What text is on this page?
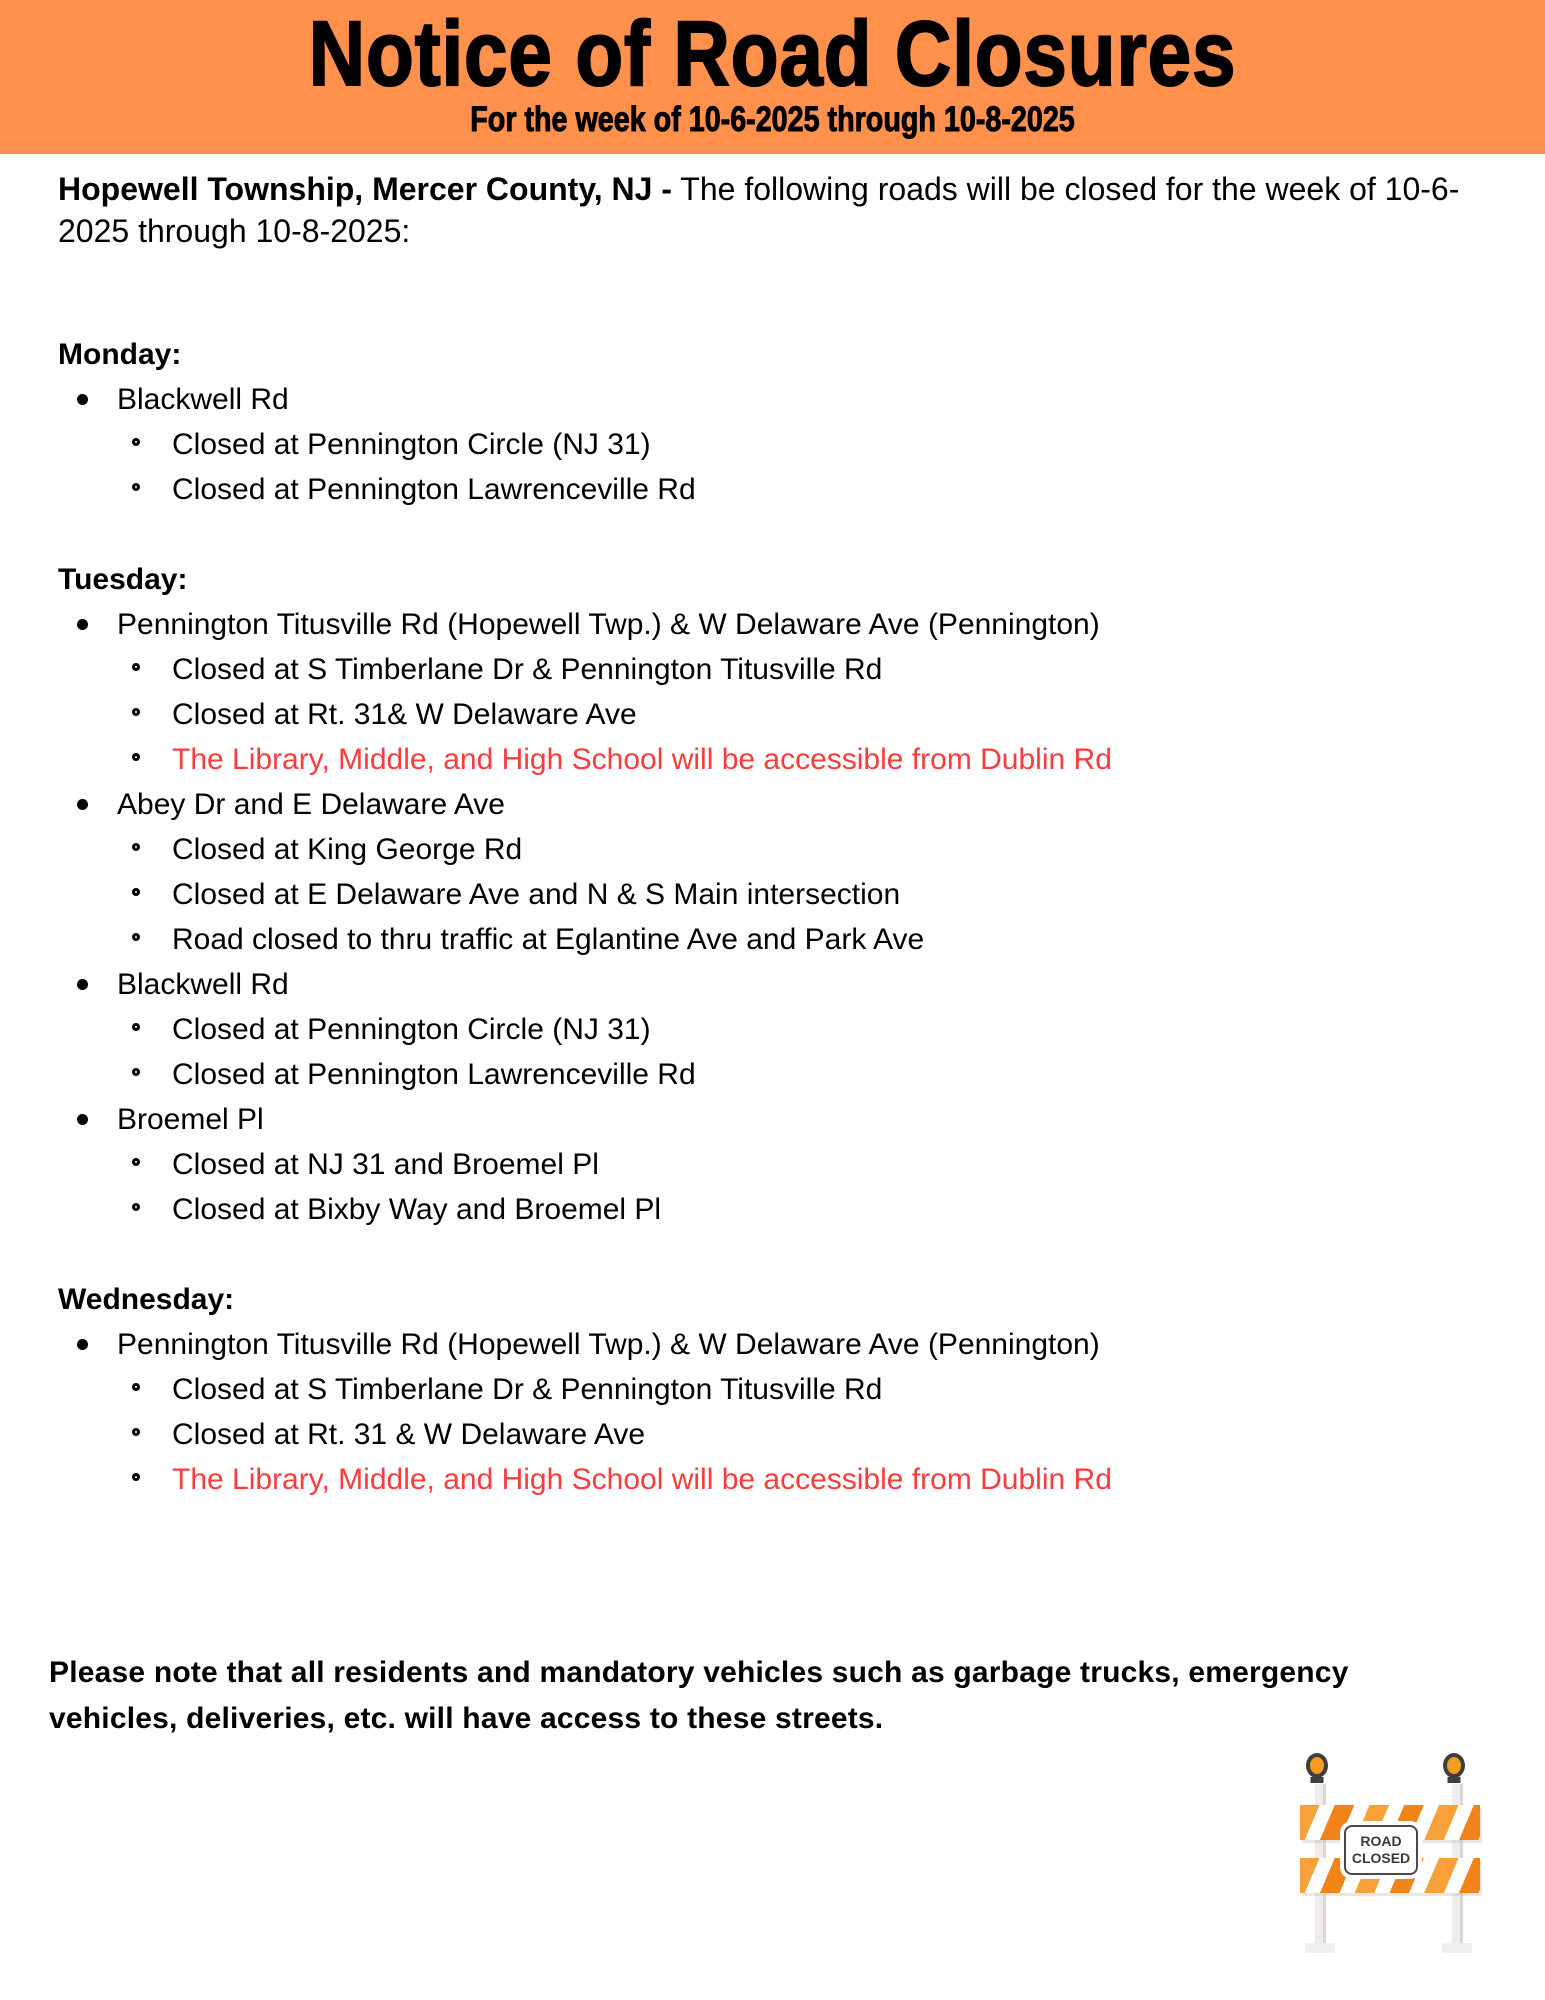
Notice of Road Closures
For the week of 10-6-2025 through 10-8-2025

Hopewell Township, Mercer County, NJ - The following roads will be closed for the week of 10-6-2025 through 10-8-2025:

Monday:
Blackwell Rd
Closed at Pennington Circle (NJ 31)
Closed at Pennington Lawrenceville Rd
Tuesday:
Pennington Titusville Rd (Hopewell Twp.) & W Delaware Ave (Pennington)
Closed at S Timberlane Dr & Pennington Titusville Rd
Closed at Rt. 31& W Delaware Ave
The Library, Middle, and High School will be accessible from Dublin Rd
Abey Dr and E Delaware Ave
Closed at King George Rd
Closed at E Delaware Ave and N & S Main intersection
Road closed to thru traffic at Eglantine Ave and Park Ave
Blackwell Rd
Closed at Pennington Circle (NJ 31)
Closed at Pennington Lawrenceville Rd
Broemel Pl
Closed at NJ 31 and Broemel Pl
Closed at Bixby Way and Broemel Pl
Wednesday:
Pennington Titusville Rd (Hopewell Twp.) & W Delaware Ave (Pennington)
Closed at S Timberlane Dr & Pennington Titusville Rd
Closed at Rt. 31 & W Delaware Ave
The Library, Middle, and High School will be accessible from Dublin Rd

Please note that all residents and mandatory vehicles such as garbage trucks, emergency vehicles, deliveries, etc. will have access to these streets.

ROAD
CLOSED
